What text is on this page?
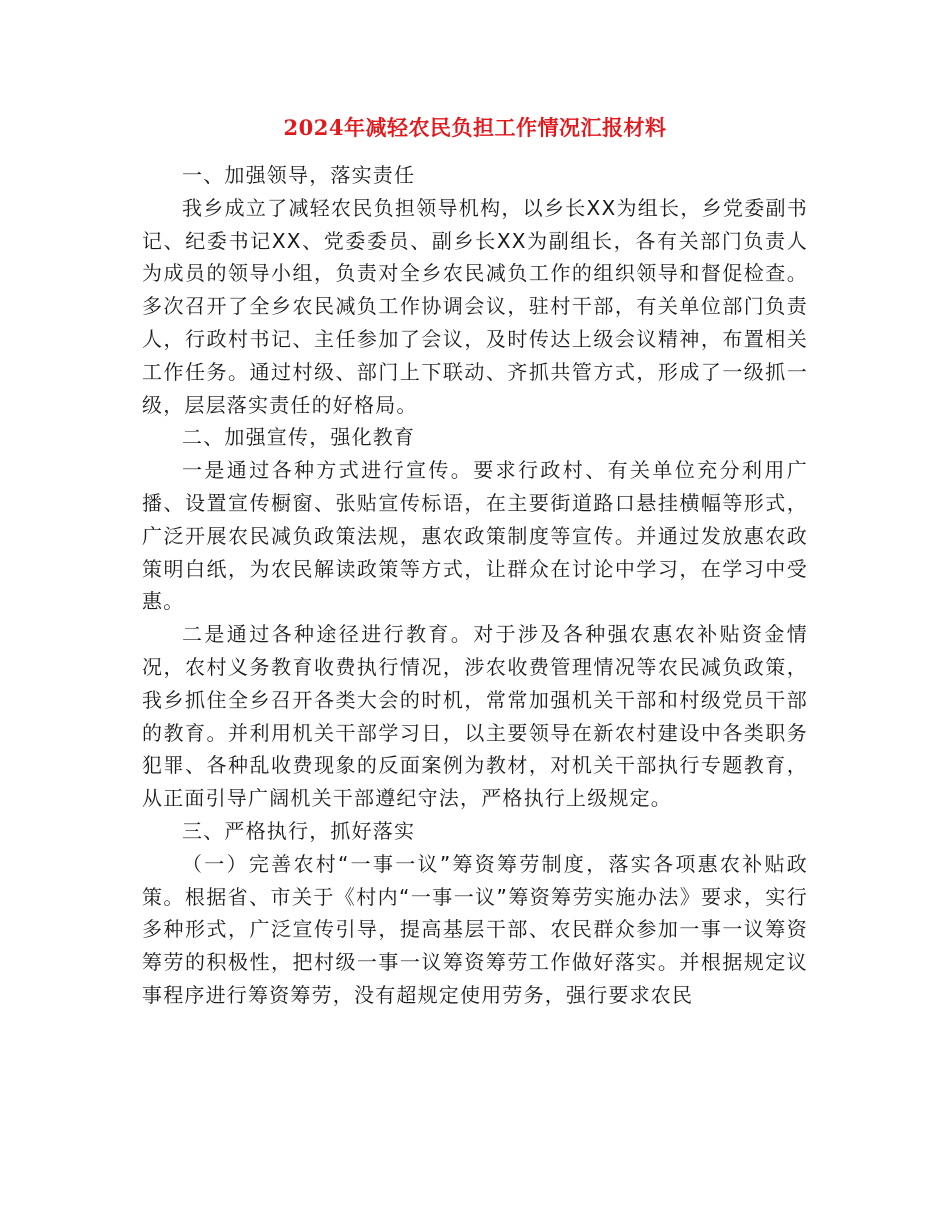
2024年减轻农民负担工作情况汇报材料

一、加强领导，落实责任

我乡成立了减轻农民负担领导机构，以乡长XX为组长，乡党委副书记、纪委书记XX、党委委员、副乡长XX为副组长，各有关部门负责人为成员的领导小组，负责对全乡农民减负工作的组织领导和督促检查。多次召开了全乡农民减负工作协调会议，驻村干部，有关单位部门负责人，行政村书记、主任参加了会议，及时传达上级会议精神，布置相关工作任务。通过村级、部门上下联动、齐抓共管方式，形成了一级抓一级，层层落实责任的好格局。

二、加强宣传，强化教育

一是通过各种方式进行宣传。要求行政村、有关单位充分利用广播、设置宣传橱窗、张贴宣传标语，在主要街道路口悬挂横幅等形式，广泛开展农民减负政策法规，惠农政策制度等宣传。并通过发放惠农政策明白纸，为农民解读政策等方式，让群众在讨论中学习，在学习中受惠。

二是通过各种途径进行教育。对于涉及各种强农惠农补贴资金情况，农村义务教育收费执行情况，涉农收费管理情况等农民减负政策，我乡抓住全乡召开各类大会的时机，常常加强机关干部和村级党员干部的教育。并利用机关干部学习日，以主要领导在新农村建设中各类职务犯罪、各种乱收费现象的反面案例为教材，对机关干部执行专题教育，从正面引导广阔机关干部遵纪守法，严格执行上级规定。

三、严格执行，抓好落实

（一）完善农村“一事一议”筹资筹劳制度，落实各项惠农补贴政策。根据省、市关于《村内“一事一议”筹资筹劳实施办法》要求，实行多种形式，广泛宣传引导，提高基层干部、农民群众参加一事一议筹资筹劳的积极性，把村级一事一议筹资筹劳工作做好落实。并根据规定议事程序进行筹资筹劳，没有超规定使用劳务，强行要求农民
